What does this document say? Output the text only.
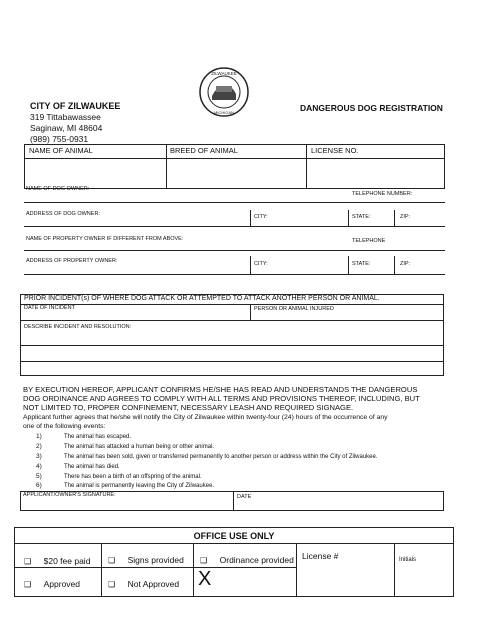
ZILWAUKEE
MICHIGAN
CITY OF ZILWAUKEE
319 Tittabawassee
Saginaw, MI 48604
(989) 755-0931
DANGEROUS DOG REGISTRATION
NAME OF ANIMAL	BREED OF ANIMAL	LICENSE NO.
NAME OF DOG OWNER:
TELEPHONE NUMBER:
ADDRESS OF DOG OWNER:	CITY:	STATE:	ZIP:
NAME OF PROPERTY OWNER IF DIFFERENT FROM ABOVE:	TELEPHONE
ADDRESS OF PROPERTY OWNER:	CITY:	STATE:	ZIP:
PRIOR INCIDENT(s) OF WHERE DOG ATTACK OR ATTEMPTED TO ATTACK ANOTHER PERSON OR ANIMAL.
DATE OF INCIDENT	PERSON OR ANIMAL INJURED
DESCRIBE INCIDENT AND RESOLUTION:
BY EXECUTION HEREOF, APPLICANT CONFIRMS HE/SHE HAS READ AND UNDERSTANDS THE DANGEROUS
DOG ORDINANCE AND AGREES TO COMPLY WITH ALL TERMS AND PROVISIONS THEREOF, INCLUDING, BUT
NOT LIMITED TO, PROPER CONFINEMENT, NECESSARY LEASH AND REQUIRED SIGNAGE.
Applicant further agrees that he/she will notify the City of Zilwaukee within twenty-four (24) hours of the occurrence of any
one of the following events:
1)	The animal has escaped.
2)	The animal has attacked a human being or other animal.
3)	The animal has been sold, given or transferred permanently to another person or address within the City of Zilwaukee.
4)	The animal has died.
5)	There has been a birth of an offspring of the animal.
6)	The animal is permanently leaving the City of Zilwaukee.
APPLICANT/OWNER'S SIGNATURE:	DATE
OFFICE USE ONLY
❑ $20 fee paid ❑ Signs provided ❑ Ordinance provided License #	Initials
❑ Approved	❑ Not Approved X
